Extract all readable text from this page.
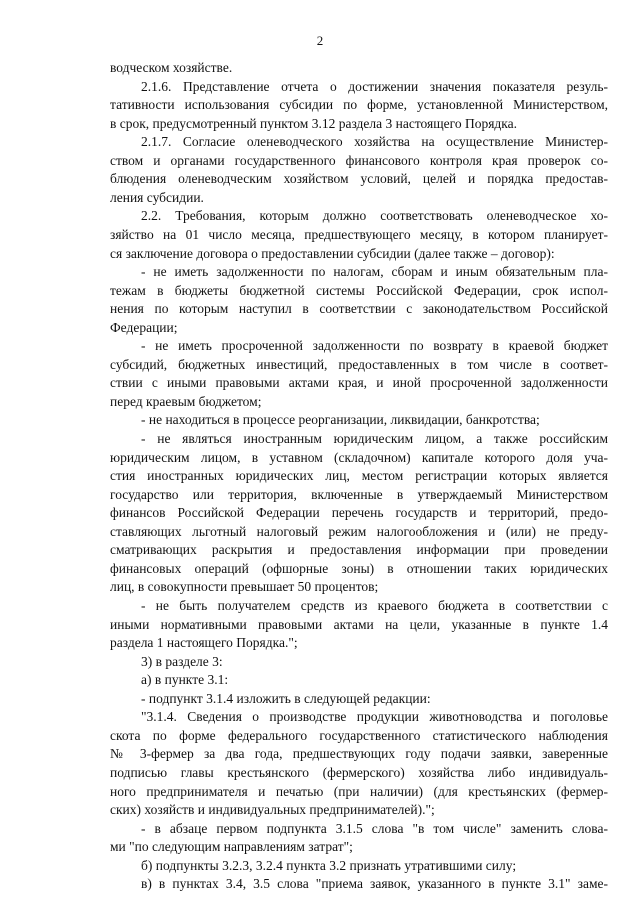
2
водческом хозяйстве.
2.1.6. Представление отчета о достижении значения показателя резуль-
тативности использования субсидии по форме, установленной Министерством,
в срок, предусмотренный пунктом 3.12 раздела 3 настоящего Порядка.
2.1.7. Согласие оленеводческого хозяйства на осуществление Министер-
ством и органами государственного финансового контроля края проверок со-
блюдения оленеводческим хозяйством условий, целей и порядка предостав-
ления субсидии.
2.2. Требования, которым должно соответствовать оленеводческое хо-
зяйство на 01 число месяца, предшествующего месяцу, в котором планирует-
ся заключение договора о предоставлении субсидии (далее также – договор):
- не иметь задолженности по налогам, сборам и иным обязательным пла-
тежам в бюджеты бюджетной системы Российской Федерации, срок испол-
нения по которым наступил в соответствии с законодательством Российской
Федерации;
- не иметь просроченной задолженности по возврату в краевой бюджет
субсидий, бюджетных инвестиций, предоставленных в том числе в соответ-
ствии с иными правовыми актами края, и иной просроченной задолженности
перед краевым бюджетом;
- не находиться в процессе реорганизации, ликвидации, банкротства;
- не являться иностранным юридическим лицом, а также российским
юридическим лицом, в уставном (складочном) капитале которого доля уча-
стия иностранных юридических лиц, местом регистрации которых является
государство или территория, включенные в утверждаемый Министерством
финансов Российской Федерации перечень государств и территорий, предо-
ставляющих льготный налоговый режим налогообложения и (или) не преду-
сматривающих раскрытия и предоставления информации при проведении
финансовых операций (офшорные зоны) в отношении таких юридических
лиц, в совокупности превышает 50 процентов;
- не быть получателем средств из краевого бюджета в соответствии с
иными нормативными правовыми актами на цели, указанные в пункте 1.4
раздела 1 настоящего Порядка.";
3) в разделе 3:
а) в пункте 3.1:
- подпункт 3.1.4 изложить в следующей редакции:
"3.1.4. Сведения о производстве продукции животноводства и поголовье
скота по форме федерального государственного статистического наблюдения
№ 3-фермер за два года, предшествующих году подачи заявки, заверенные
подписью главы крестьянского (фермерского) хозяйства либо индивидуаль-
ного предпринимателя и печатью (при наличии) (для крестьянских (фермер-
ских) хозяйств и индивидуальных предпринимателей).";
- в абзаце первом подпункта 3.1.5 слова "в том числе" заменить слова-
ми "по следующим направлениям затрат";
б) подпункты 3.2.3, 3.2.4 пункта 3.2 признать утратившими силу;
в) в пунктах 3.4, 3.5 слова "приема заявок, указанного в пункте 3.1" заме-
